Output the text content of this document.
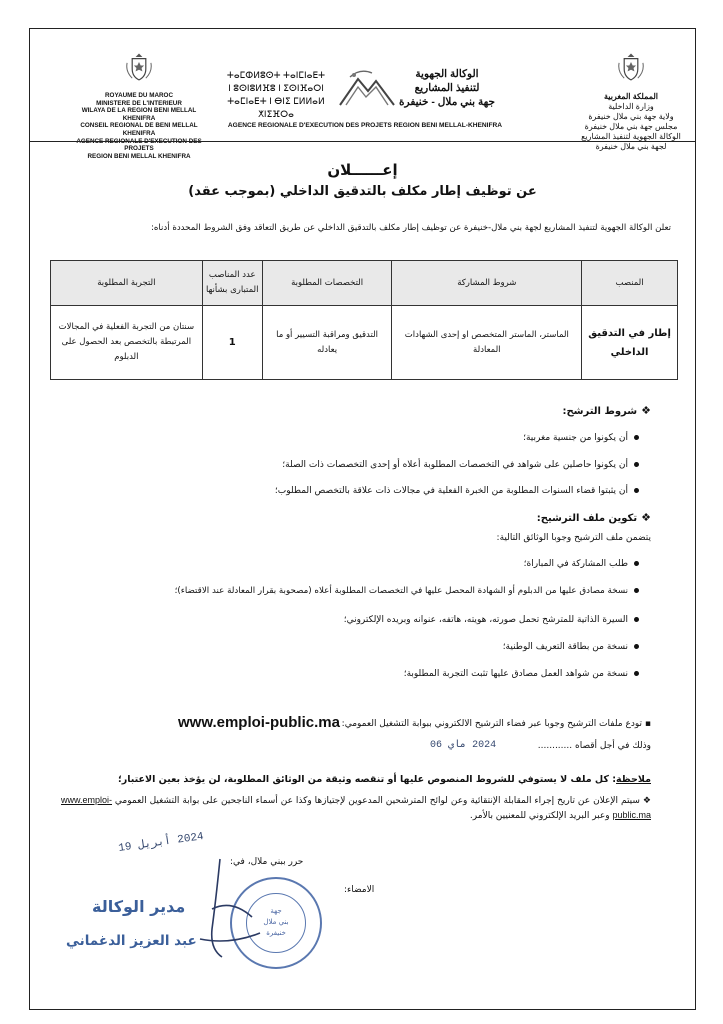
ROYAUME DU MAROC
MINISTERE DE L'INTERIEUR
WILAYA DE LA REGION BENI MELLAL KHENIFRA
CONSEIL REGIONAL DE BENI MELLAL KHENIFRA
AGENCE REGIONALE D'EXECUTION DES PROJETS
REGION BENI MELLAL KHENIFRA
ⵜⴰⵎⵀⵍⵓⵙⵜ ⵜⴰⵏⵎⵏⴰⴹⵜ
ⵏ ⵓⵙⵏⵓⵍⴼⵓ ⵏ ⵉⵙⵏⴼⴰⵔⵏ
ⵜⴰⵎⵏⴰⴹⵜ ⵏ ⴱⵏⵉ ⵎⵍⵍⴰⵍ ⵅⵏⵉⴼⵔⴰ
الوكالة الجهوية
لتنفيذ المشاريع
جهة بني ملال - خنيفرة
AGENCE REGIONALE D'EXECUTION DES PROJETS REGION BENI MELLAL-KHENIFRA
المملكة المغربية
وزارة الداخلية
ولاية جهة بني ملال خنيفرة
مجلس جهة بني ملال خنيفرة
الوكالة الجهوية لتنفيذ المشاريع
لجهة بني ملال خنيفرة
إعــــــلان
عن توظيف إطار مكلف بالتدقيق الداخلي (بموجب عقد)
تعلن الوكالة الجهوية لتنفيذ المشاريع لجهة بني ملال-خنيفرة عن توظيف إطار مكلف بالتدقيق الداخلي عن طريق التعاقد وفق الشروط المحددة أدناه:
المنصب	شروط المشاركة	التخصصات المطلوبة	عدد المناصب المتبارى بشأنها	التجربة المطلوبة
إطار في التدقيق الداخلي	الماستر، الماستر المتخصص او إحدى الشهادات المعادلة	التدقيق ومراقبة التسيير أو ما يعادله	1	سنتان من التجربة الفعلية في المجالات المرتبطة بالتخصص بعد الحصول على الدبلوم
❖شروط الترشح:
أن يكونوا من جنسية مغربية؛
أن يكونوا حاصلين على شواهد في التخصصات المطلوبة أعلاه أو إحدى التخصصات ذات الصلة؛
أن يثبتوا قضاء السنوات المطلوبة من الخبرة الفعلية في مجالات ذات علاقة بالتخصص المطلوب؛
❖تكوين ملف الترشيح:
يتضمن ملف الترشيح وجوبا الوثائق التالية:
طلب المشاركة في المباراة؛
نسخة مصادق عليها من الدبلوم أو الشهادة المحصل عليها في التخصصات المطلوبة أعلاه (مصحوبة بقرار المعادلة عند الاقتضاء)؛
السيرة الذاتية للمترشح تحمل صورته، هويته، هاتفه، عنوانه وبريده الإلكتروني؛
نسخة من بطاقة التعريف الوطنية؛
نسخة من شواهد العمل مصادق عليها تثبت التجربة المطلوبة؛
▪ تودع ملفات الترشيح وجوبا عبر فضاء الترشيح الالكتروني ببوابة التشغيل العمومي:
www.emploi-public.ma
وذلك في أجل أقصاه ............
2024 ماي 06
ملاحظة: كل ملف لا يستوفي للشروط المنصوص عليها أو تنقصه وثيقة من الوثائق المطلوبة، لن يؤخذ بعين الاعتبار؛
❖ سيتم الإعلان عن تاريخ إجراء المقابلة الإنتقائية وعن لوائح المترشحين المدعوين لإجتيازها وكذا عن أسماء الناجحين على بوابة التشغيل العمومي www.emploi-public.ma وعبر البريد الإلكتروني للمعنيين بالأمر.
حرر ببني ملال، في:
2024 أبريل 19
الامضاء:
جهة
بني ملال
خنيفرة
مدير الوكالة
عبد العزيز الدغماني
